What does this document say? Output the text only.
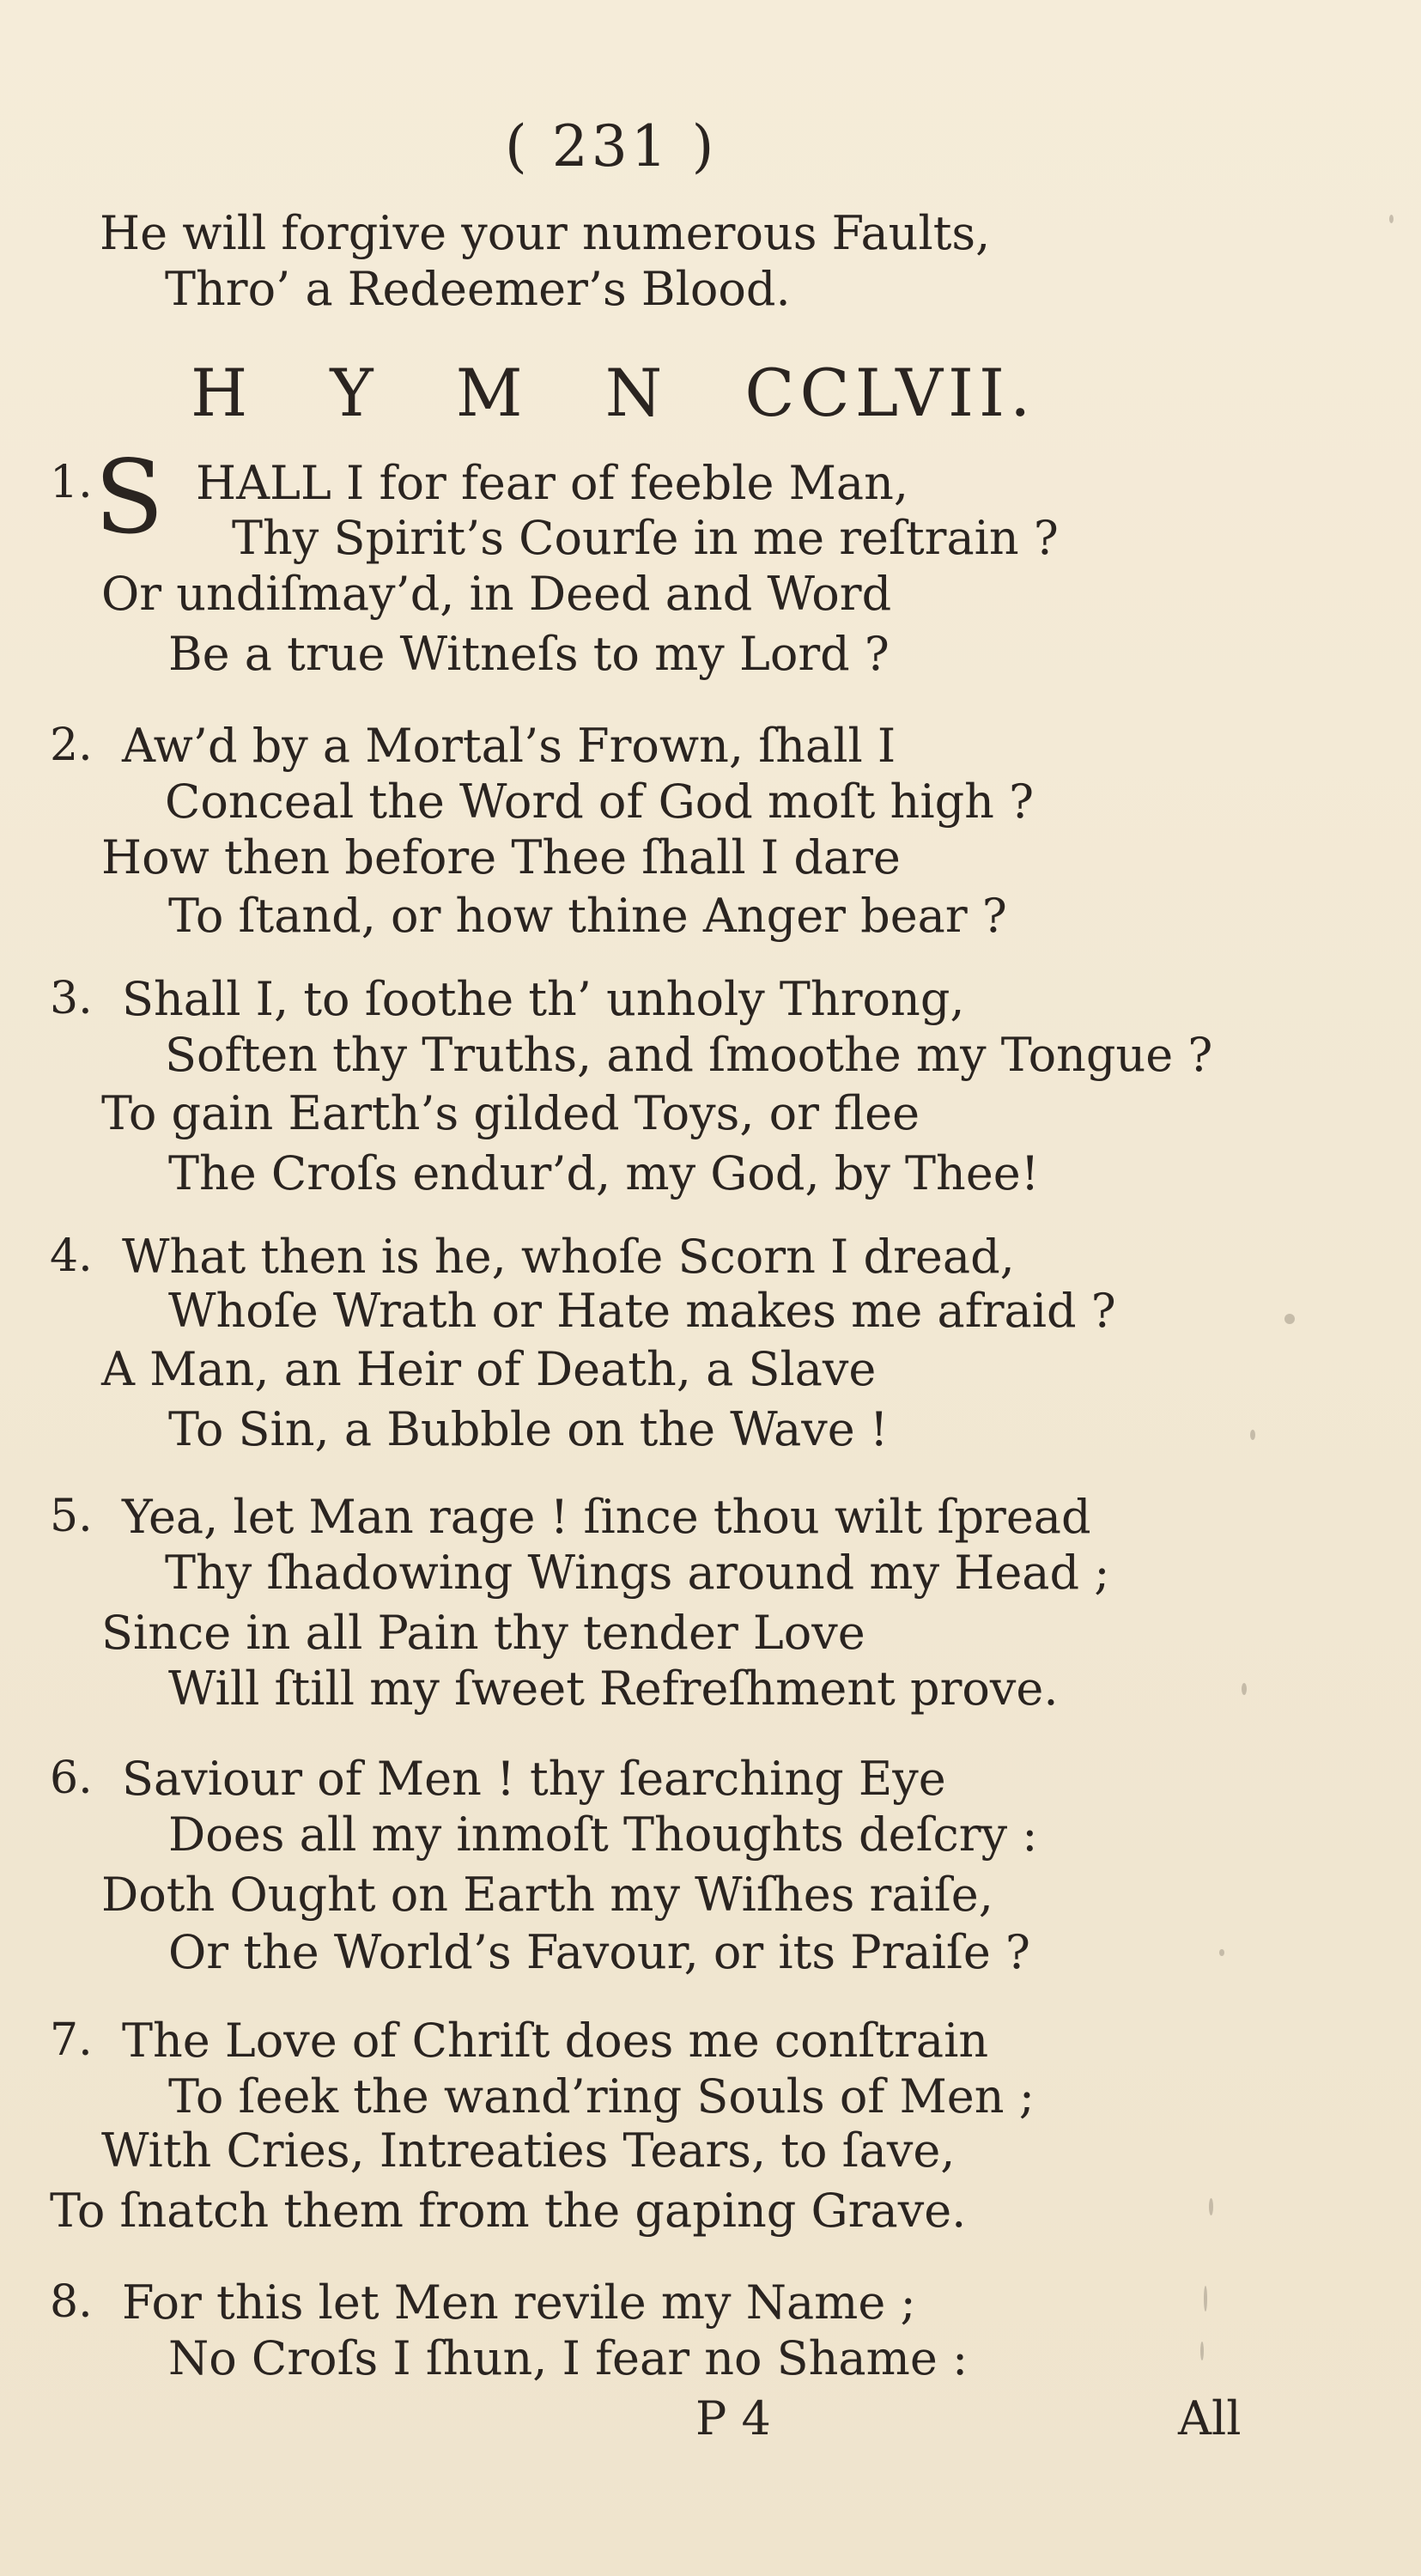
( 231 )
He will forgive your numerous Faults,
Thro’ a Redeemer’s Blood.
H Y M N CCLVII.
1. S HALL I for fear of feeble Man,
Thy Spirit’s Courſe in me reſtrain ?
Or undiſmay’d, in Deed and Word
Be a true Witneſs to my Lord ?
2. Aw’d by a Mortal’s Frown, ſhall I
Conceal the Word of God moſt high ?
How then before Thee ſhall I dare
To ſtand, or how thine Anger bear ?
3. Shall I, to ſoothe th’ unholy Throng,
Soften thy Truths, and ſmoothe my Tongue ?
To gain Earth’s gilded Toys, or flee
The Croſs endur’d, my God, by Thee!
4. What then is he, whoſe Scorn I dread,
Whoſe Wrath or Hate makes me afraid ?
A Man, an Heir of Death, a Slave
To Sin, a Bubble on the Wave !
5. Yea, let Man rage ! ſince thou wilt ſpread
Thy ſhadowing Wings around my Head ;
Since in all Pain thy tender Love
Will ſtill my ſweet Refreſhment prove.
6. Saviour of Men ! thy ſearching Eye
Does all my inmoſt Thoughts deſcry :
Doth Ought on Earth my Wiſhes raiſe,
Or the World’s Favour, or its Praiſe ?
7. The Love of Chriſt does me conſtrain
To ſeek the wand’ring Souls of Men ;
With Cries, Intreaties Tears, to ſave,
To ſnatch them from the gaping Grave.
8. For this let Men revile my Name ;
No Croſs I ſhun, I fear no Shame :
P 4	All
